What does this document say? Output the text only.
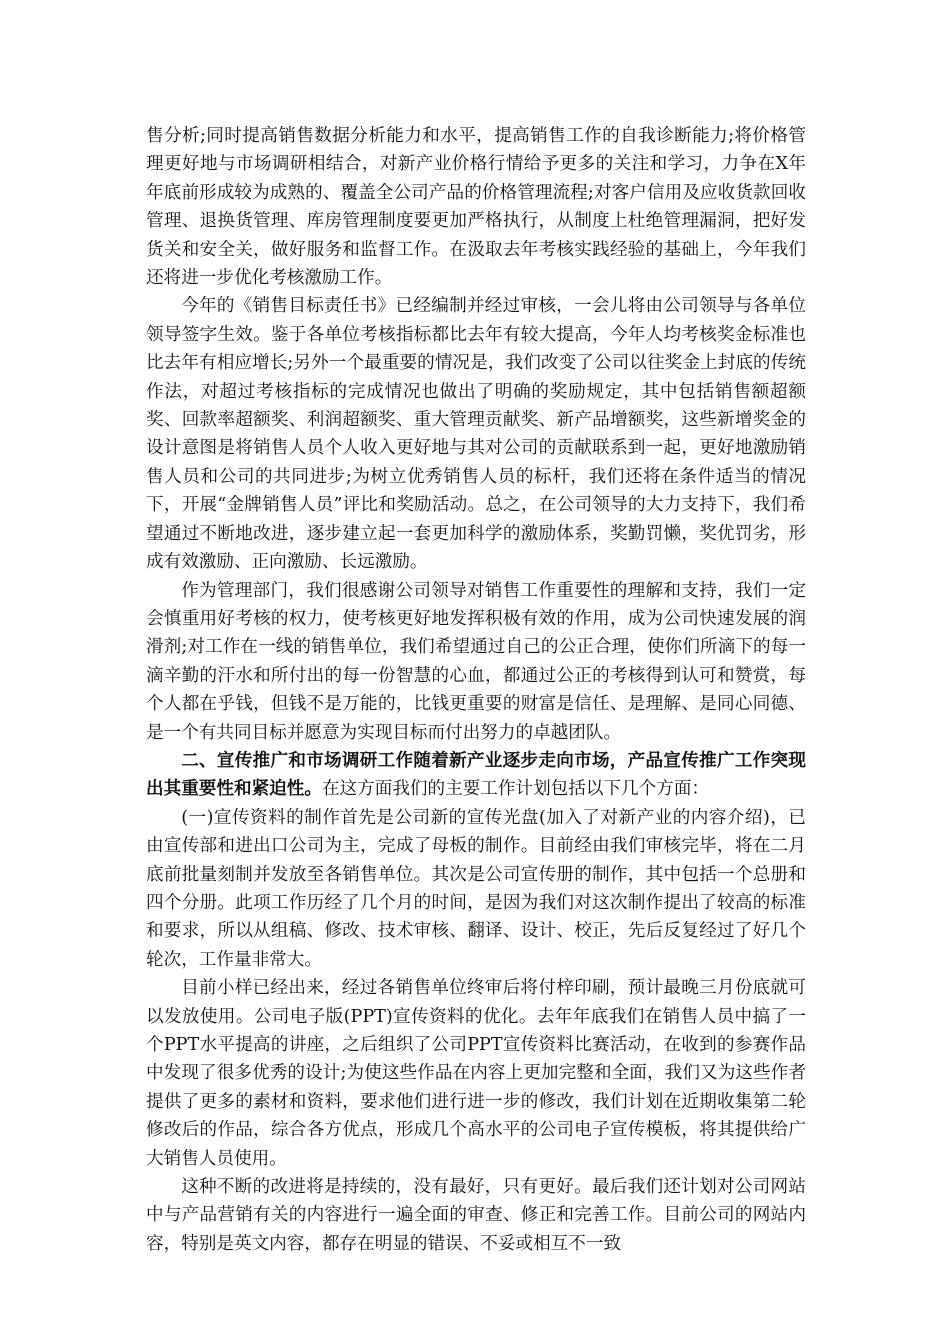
售分析;同时提高销售数据分析能力和水平，提高销售工作的自我诊断能力;将价格管理更好地与市场调研相结合，对新产业价格行情给予更多的关注和学习，力争在X年年底前形成较为成熟的、覆盖全公司产品的价格管理流程;对客户信用及应收货款回收管理、退换货管理、库房管理制度要更加严格执行，从制度上杜绝管理漏洞，把好发货关和安全关，做好服务和监督工作。在汲取去年考核实践经验的基础上，今年我们还将进一步优化考核激励工作。

今年的《销售目标责任书》已经编制并经过审核，一会儿将由公司领导与各单位领导签字生效。鉴于各单位考核指标都比去年有较大提高，今年人均考核奖金标准也比去年有相应增长;另外一个最重要的情况是，我们改变了公司以往奖金上封底的传统作法，对超过考核指标的完成情况也做出了明确的奖励规定，其中包括销售额超额奖、回款率超额奖、利润超额奖、重大管理贡献奖、新产品增额奖，这些新增奖金的设计意图是将销售人员个人收入更好地与其对公司的贡献联系到一起，更好地激励销售人员和公司的共同进步;为树立优秀销售人员的标杆，我们还将在条件适当的情况下，开展“金牌销售人员”评比和奖励活动。总之，在公司领导的大力支持下，我们希望通过不断地改进，逐步建立起一套更加科学的激励体系，奖勤罚懒，奖优罚劣，形成有效激励、正向激励、长远激励。

作为管理部门，我们很感谢公司领导对销售工作重要性的理解和支持，我们一定会慎重用好考核的权力，使考核更好地发挥积极有效的作用，成为公司快速发展的润滑剂;对工作在一线的销售单位，我们希望通过自己的公正合理，使你们所滴下的每一滴辛勤的汗水和所付出的每一份智慧的心血，都通过公正的考核得到认可和赞赏，每个人都在乎钱，但钱不是万能的，比钱更重要的财富是信任、是理解、是同心同德、是一个有共同目标并愿意为实现目标而付出努力的卓越团队。

二、宣传推广和市场调研工作随着新产业逐步走向市场，产品宣传推广工作突现出其重要性和紧迫性。在这方面我们的主要工作计划包括以下几个方面：

(一)宣传资料的制作首先是公司新的宣传光盘(加入了对新产业的内容介绍)，已由宣传部和进出口公司为主，完成了母板的制作。目前经由我们审核完毕，将在二月底前批量刻制并发放至各销售单位。其次是公司宣传册的制作，其中包括一个总册和四个分册。此项工作历经了几个月的时间，是因为我们对这次制作提出了较高的标准和要求，所以从组稿、修改、技术审核、翻译、设计、校正，先后反复经过了好几个轮次，工作量非常大。

目前小样已经出来，经过各销售单位终审后将付梓印刷，预计最晚三月份底就可以发放使用。公司电子版(PPT)宣传资料的优化。去年年底我们在销售人员中搞了一个PPT水平提高的讲座，之后组织了公司PPT宣传资料比赛活动，在收到的参赛作品中发现了很多优秀的设计;为使这些作品在内容上更加完整和全面，我们又为这些作者提供了更多的素材和资料，要求他们进行进一步的修改，我们计划在近期收集第二轮修改后的作品，综合各方优点，形成几个高水平的公司电子宣传模板，将其提供给广大销售人员使用。

这种不断的改进将是持续的，没有最好，只有更好。最后我们还计划对公司网站中与产品营销有关的内容进行一遍全面的审查、修正和完善工作。目前公司的网站内容，特别是英文内容，都存在明显的错误、不妥或相互不一致
